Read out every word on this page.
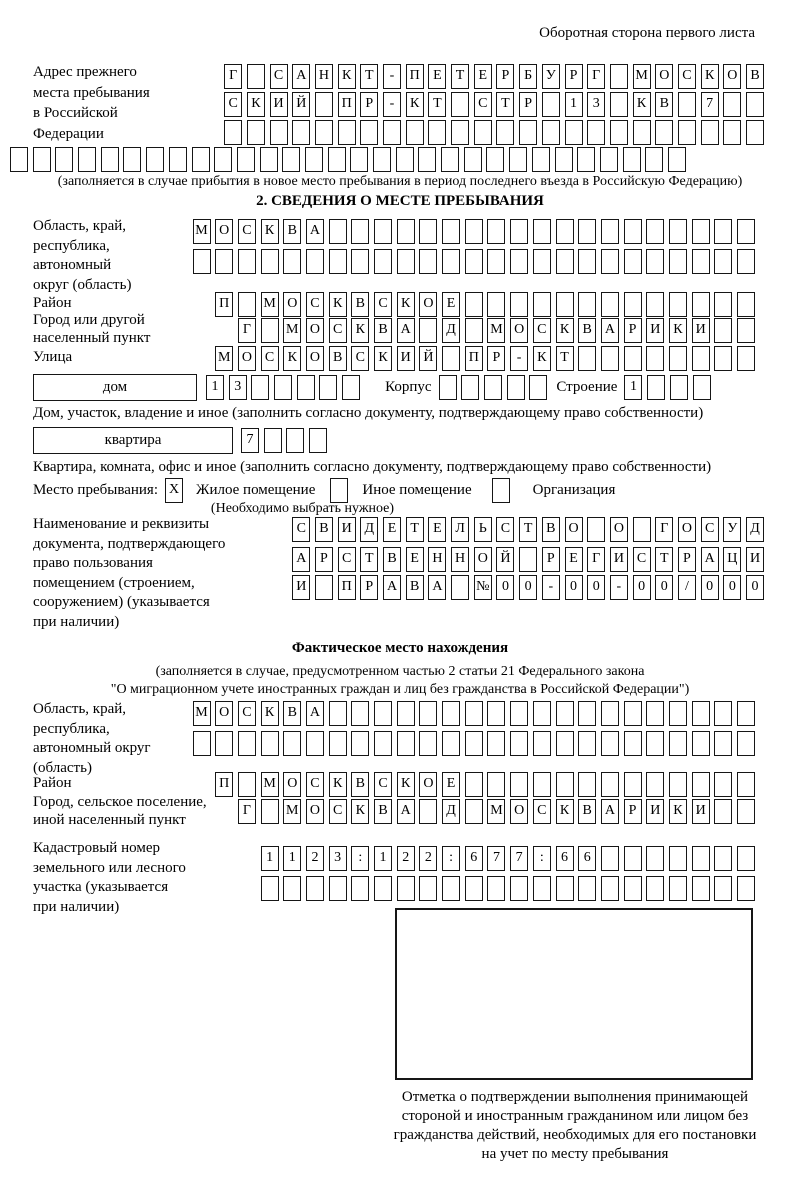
Оборотная сторона первого листа
Адрес прежнего
места пребывания
в Российской
Федерации
Г	С А Н К Т	-	П Е	Т	Е	Р	Б У Р	Г	М О С К О В
С К И Й	П Р	-	К Т	С Т	Р	1	3	К В	7
(заполняется в случае прибытия в новое место пребывания в период последнего въезда в Российскую Федерацию)
2. СВЕДЕНИЯ О МЕСТЕ ПРЕБЫВАНИЯ
Область, край,
республика,
автономный
округ (область)
М О С К В А
Район	П М О С К В С К О Е
Город или другой
населенный пункт
Г	М О С К В А	Д	М О С К В А Р И К И
Улица	М О С К О В С К И Й	П Р	-	К Т
дом	1	3	Корпус	Строение 1
Дом, участок, владение и иное (заполнить согласно документу, подтверждающему право собственности)
квартира	7
Квартира, комната, офис и иное (заполнить согласно документу, подтверждающему право собственности)
Место пребывания: X Жилое помещение	Иное помещение	Организация
(Необходимо выбрать нужное)
Наименование и реквизиты
документа, подтверждающего
право пользования
помещением (строением,
сооружением) (указывается
при наличии)
С В И Д Е	Т	Е Л Ь	С Т В О	О	Г О С У Д
А Р	С Т В Е Н Н О Й	Р	Е	Г И С Т	Р А Ц И
И	П Р А В А № 0	0	-	0	0	-	0	0	/	0	0	0
Фактическое место нахождения
(заполняется в случае, предусмотренном частью 2 статьи 21 Федерального закона
"О миграционном учете иностранных граждан и лиц без гражданства в Российской Федерации")
Область, край,
республика,
автономный округ
(область)
М О С К В А
Район	П М О С К В С К О Е
Город, сельское поселение,
иной населенный пункт
Г	М О С К В А	Д	М О С К В А Р И К И
Кадастровый номер
земельного или лесного
участка (указывается
при наличии)
1	1	2	3	:	1	2	2	:	6	7	7	:	6	6
Отметка о подтверждении выполнения принимающей
стороной и иностранным гражданином или лицом без
гражданства действий, необходимых для его постановки
на учет по месту пребывания
